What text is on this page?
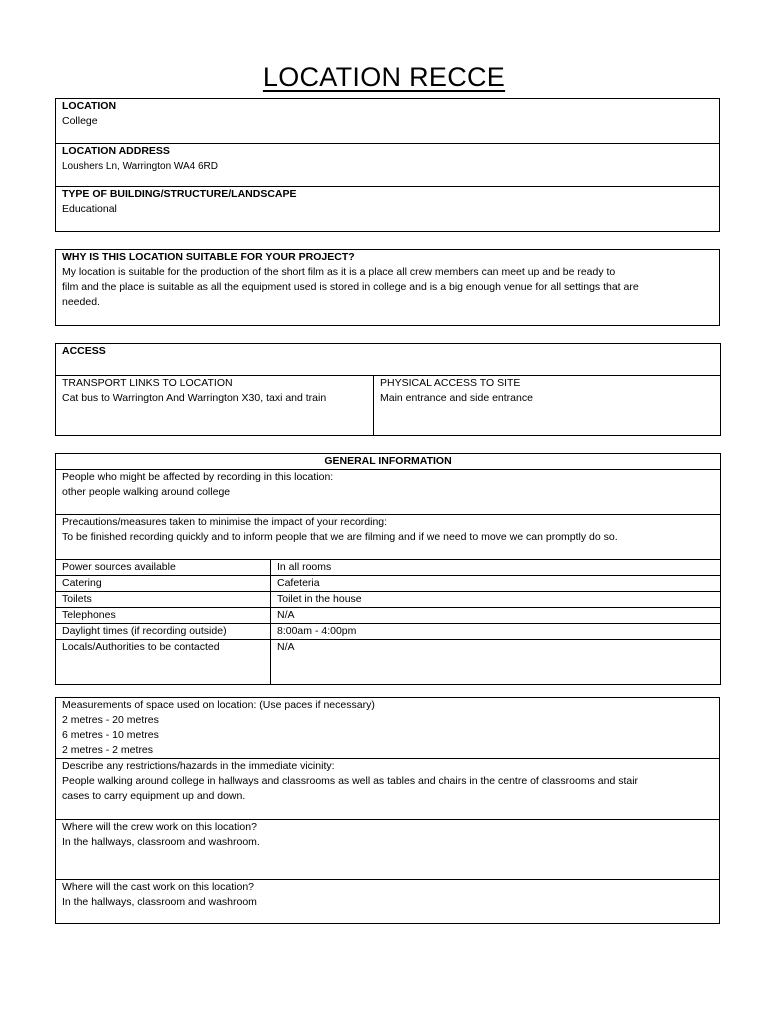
LOCATION RECCE
LOCATION
College

LOCATION ADDRESS
Loushers Ln, Warrington WA4 6RD

TYPE OF BUILDING/STRUCTURE/LANDSCAPE
Educational
WHY IS THIS LOCATION SUITABLE FOR YOUR PROJECT?
My location is suitable for the production of the short film as it is a place all crew members can meet up and be ready to
film and the place is suitable as all the equipment used is stored in college and is a big enough venue for all settings that are
needed.
ACCESS

TRANSPORT LINKS TO LOCATION
Cat bus to Warrington And Warrington X30, taxi and train

PHYSICAL ACCESS TO SITE
Main entrance and side entrance
GENERAL INFORMATION	

People who might be affected by recording in this location:
other people walking around college	

Precautions/measures taken to minimise the impact of your recording:
To be finished recording quickly and to inform people that we are filming and if we need to move we can promptly do so.	

Power sources available	In all rooms
Catering	Cafeteria
Toilets	Toilet in the house
Telephones	N/A
Daylight times (if recording outside)	8:00am - 4:00pm
Locals/Authorities to be contacted	N/A
Measurements of space used on location: (Use paces if necessary)
2 metres - 20 metres
6 metres - 10 metres
2 metres - 2 metres

Describe any restrictions/hazards in the immediate vicinity:
People walking around college in hallways and classrooms as well as tables and chairs in the centre of classrooms and stair
cases to carry equipment up and down.

Where will the crew work on this location?
In the hallways, classroom and washroom.

Where will the cast work on this location?
In the hallways, classroom and washroom
